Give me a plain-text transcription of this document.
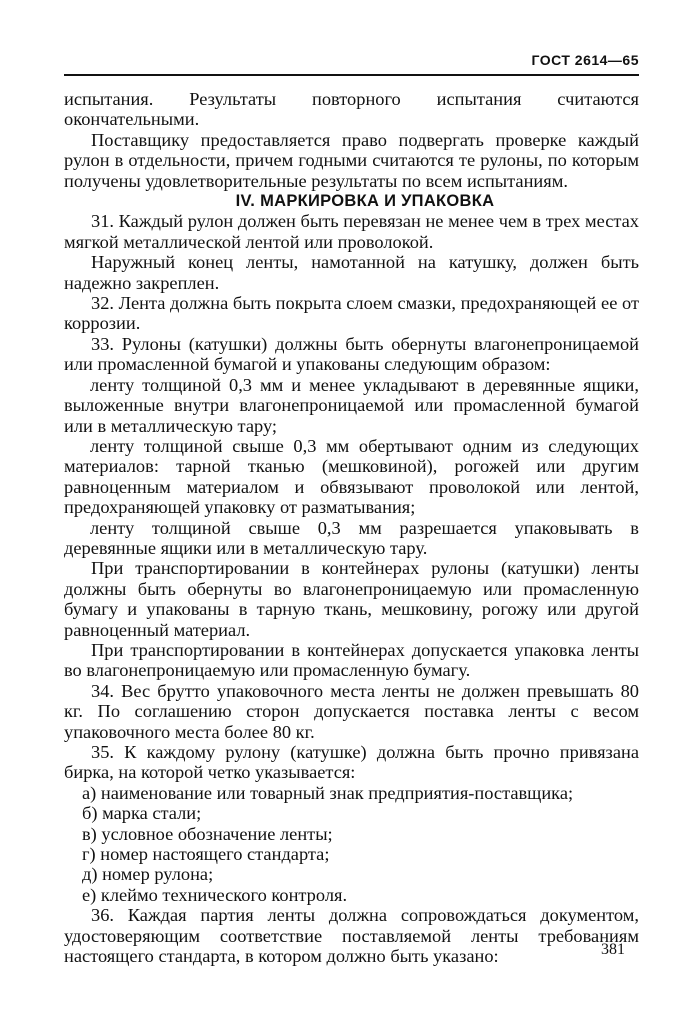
ГОСТ 2614—65

испытания. Результаты повторного испытания считаются окончательными.

Поставщику предоставляется право подвергать проверке каждый рулон в отдельности, причем годными считаются те рулоны, по которым получены удовлетворительные результаты по всем испытаниям.

IV. МАРКИРОВКА И УПАКОВКА

31. Каждый рулон должен быть перевязан не менее чем в трех местах мягкой металлической лентой или проволокой.

Наружный конец ленты, намотанной на катушку, должен быть надежно закреплен.

32. Лента должна быть покрыта слоем смазки, предохраняющей ее от коррозии.

33. Рулоны (катушки) должны быть обернуты влагонепроницаемой или промасленной бумагой и упакованы следующим образом:

ленту толщиной 0,3 мм и менее укладывают в деревянные ящики, выложенные внутри влагонепроницаемой или промасленной бумагой или в металлическую тару;

ленту толщиной свыше 0,3 мм обертывают одним из следующих материалов: тарной тканью (мешковиной), рогожей или другим равноценным материалом и обвязывают проволокой или лентой, предохраняющей упаковку от разматывания;

ленту толщиной свыше 0,3 мм разрешается упаковывать в деревянные ящики или в металлическую тару.

При транспортировании в контейнерах рулоны (катушки) ленты должны быть обернуты во влагонепроницаемую или промасленную бумагу и упакованы в тарную ткань, мешковину, рогожу или другой равноценный материал.

При транспортировании в контейнерах допускается упаковка ленты во влагонепроницаемую или промасленную бумагу.

34. Вес брутто упаковочного места ленты не должен превышать 80 кг. По соглашению сторон допускается поставка ленты с весом упаковочного места более 80 кг.

35. К каждому рулону (катушке) должна быть прочно привязана бирка, на которой четко указывается:

а) наименование или товарный знак предприятия-поставщика;

б) марка стали;

в) условное обозначение ленты;

г) номер настоящего стандарта;

д) номер рулона;

е) клеймо технического контроля.

36. Каждая партия ленты должна сопровождаться документом, удостоверяющим соответствие поставляемой ленты требованиям настоящего стандарта, в котором должно быть указано:	381
